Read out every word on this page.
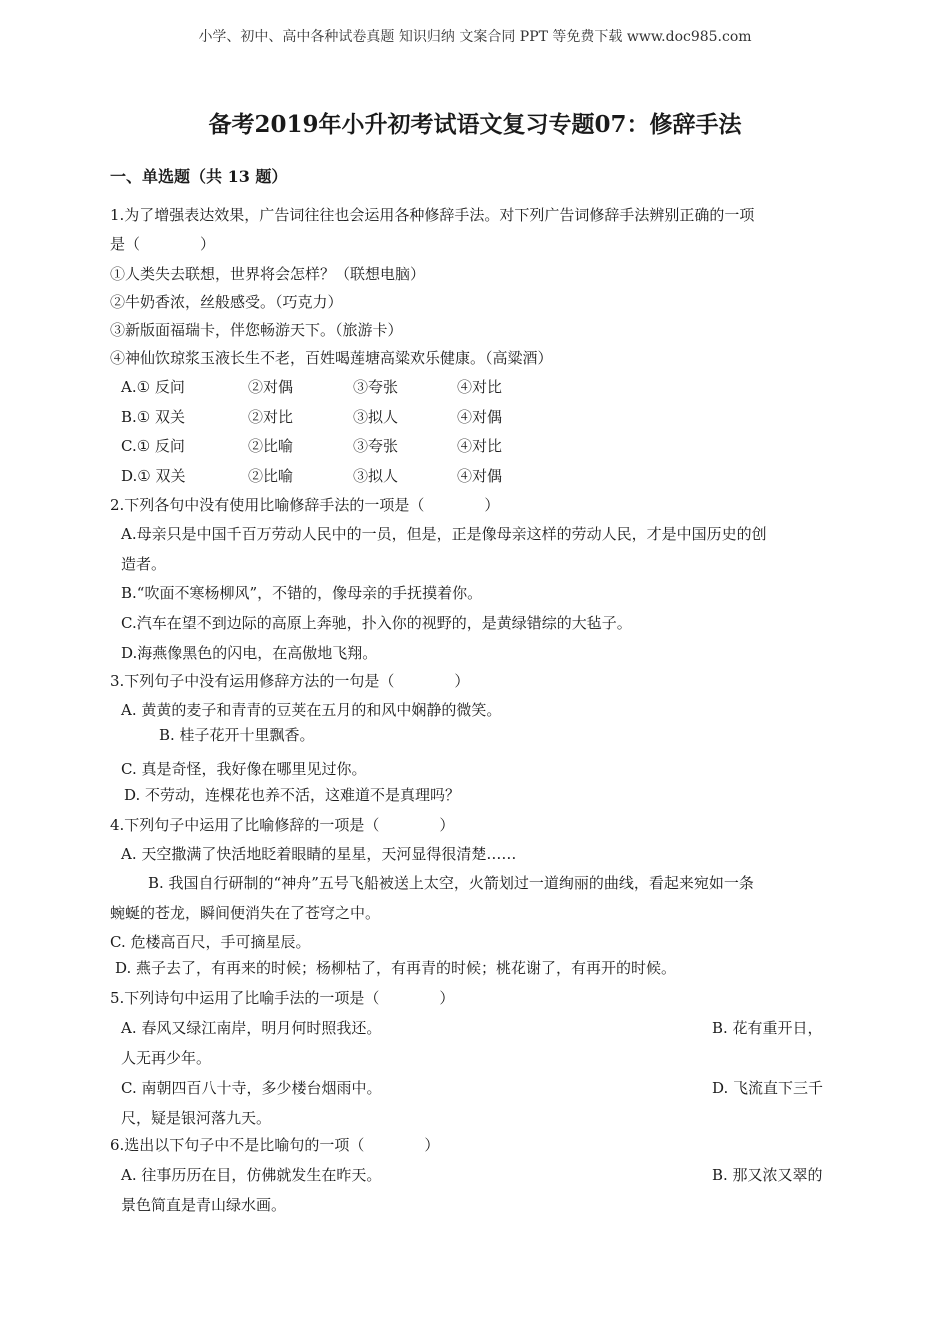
小学、初中、高中各种试卷真题 知识归纳 文案合同 PPT 等免费下载 www.doc985.com
备考2019年小升初考试语文复习专题07：修辞手法
一、单选题（共 13 题）
1.为了增强表达效果，广告词往往也会运用各种修辞手法。对下列广告词修辞手法辨别正确的一项
是（　　　　）
①人类失去联想，世界将会怎样？（联想电脑）
②牛奶香浓，丝般感受。（巧克力）
③新版面福瑞卡，伴您畅游天下。（旅游卡）
④神仙饮琼浆玉液长生不老，百姓喝莲塘高粱欢乐健康。（高粱酒）
A.① 反问	②对偶	③夸张	④对比
B.① 双关	②对比	③拟人	④对偶
C.① 反问	②比喻	③夸张	④对比
D.① 双关	②比喻	③拟人	④对偶
2.下列各句中没有使用比喻修辞手法的一项是（　　　　）
A.母亲只是中国千百万劳动人民中的一员，但是，正是像母亲这样的劳动人民，才是中国历史的创
造者。
B.“吹面不寒杨柳风”，不错的，像母亲的手抚摸着你。
C.汽车在望不到边际的高原上奔驰，扑入你的视野的，是黄绿错综的大毡子。
D.海燕像黑色的闪电，在高傲地飞翔。
3.下列句子中没有运用修辞方法的一句是（　　　　）
A. 黄黄的麦子和青青的豆荚在五月的和风中娴静的微笑。
B. 桂子花开十里飘香。
C. 真是奇怪，我好像在哪里见过你。
D. 不劳动，连棵花也养不活，这难道不是真理吗？
4.下列句子中运用了比喻修辞的一项是（　　　　）
A. 天空撒满了快活地眨着眼睛的星星，天河显得很清楚……
B. 我国自行研制的“神舟”五号飞船被送上太空，火箭划过一道绚丽的曲线，看起来宛如一条
蜿蜒的苍龙，瞬间便消失在了苍穹之中。
C. 危楼高百尺，手可摘星辰。
D. 燕子去了，有再来的时候；杨柳枯了，有再青的时候；桃花谢了，有再开的时候。
5.下列诗句中运用了比喻手法的一项是（　　　　）
A. 春风又绿江南岸，明月何时照我还。	B. 花有重开日，
人无再少年。
C. 南朝四百八十寺，多少楼台烟雨中。	D. 飞流直下三千
尺，疑是银河落九天。
6.选出以下句子中不是比喻句的一项（　　　　）
A. 往事历历在目，仿佛就发生在昨天。	B. 那又浓又翠的
景色简直是青山绿水画。
